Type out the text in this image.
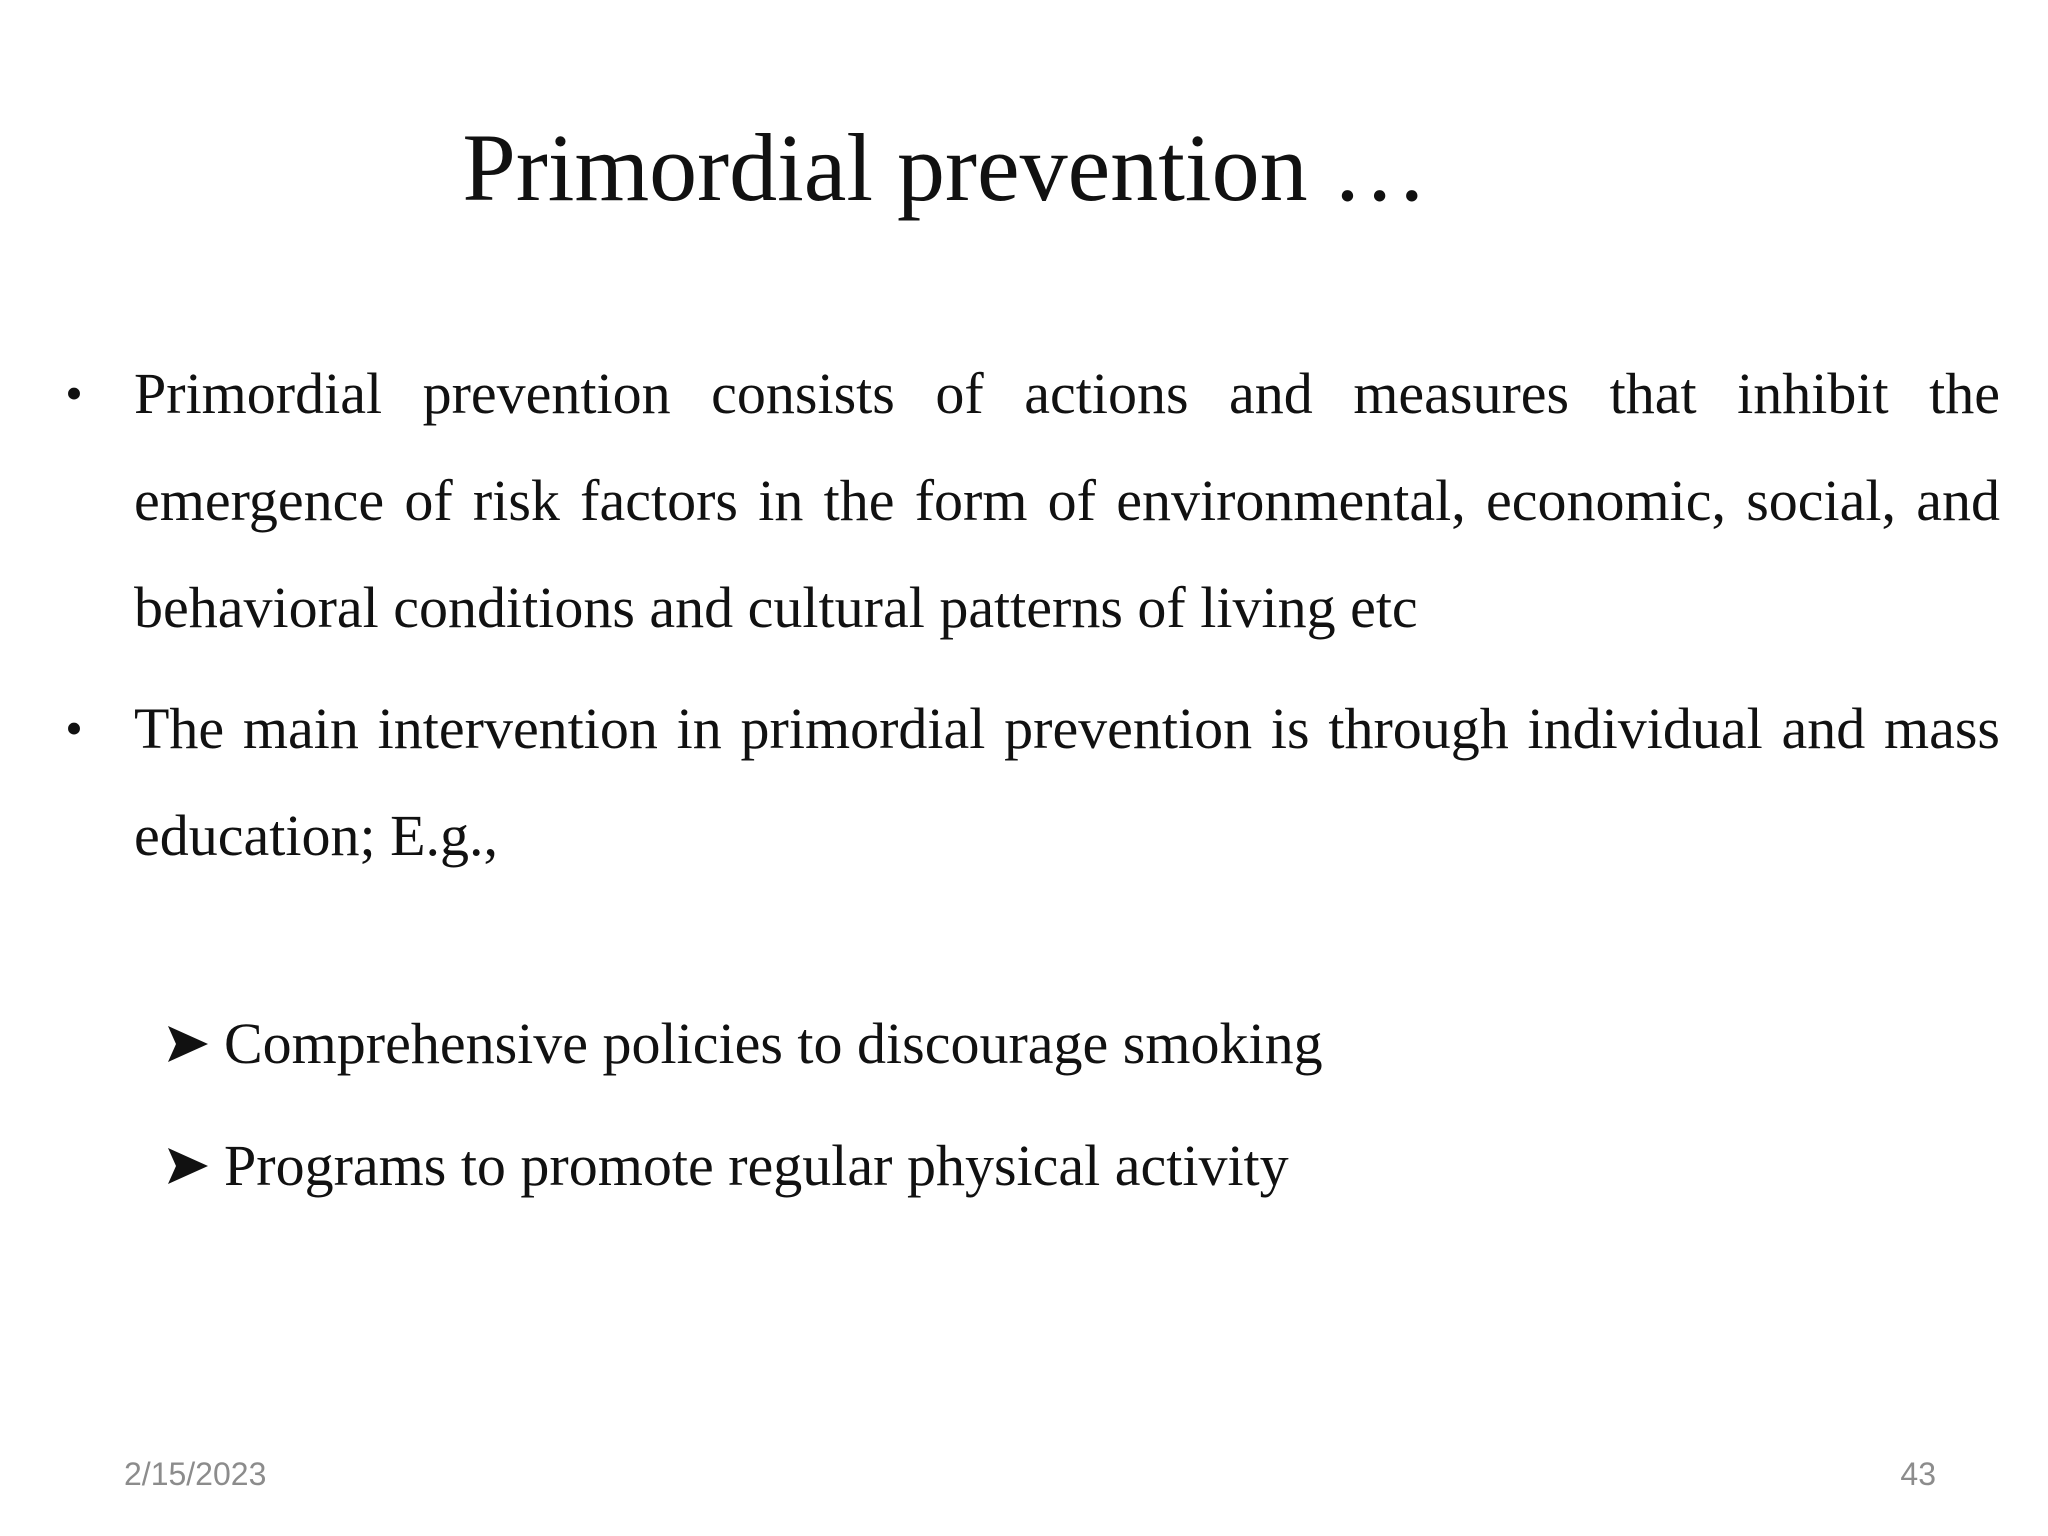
Primordial prevention …
• Primordial prevention consists of actions and measures that inhibit the emergence of risk factors in the form of environmental, economic, social, and behavioral conditions and cultural patterns of living etc
• The main intervention in primordial prevention is through individual and mass education; E.g.,
Comprehensive policies to discourage smoking
Programs to promote regular physical activity
2/15/2023	43
